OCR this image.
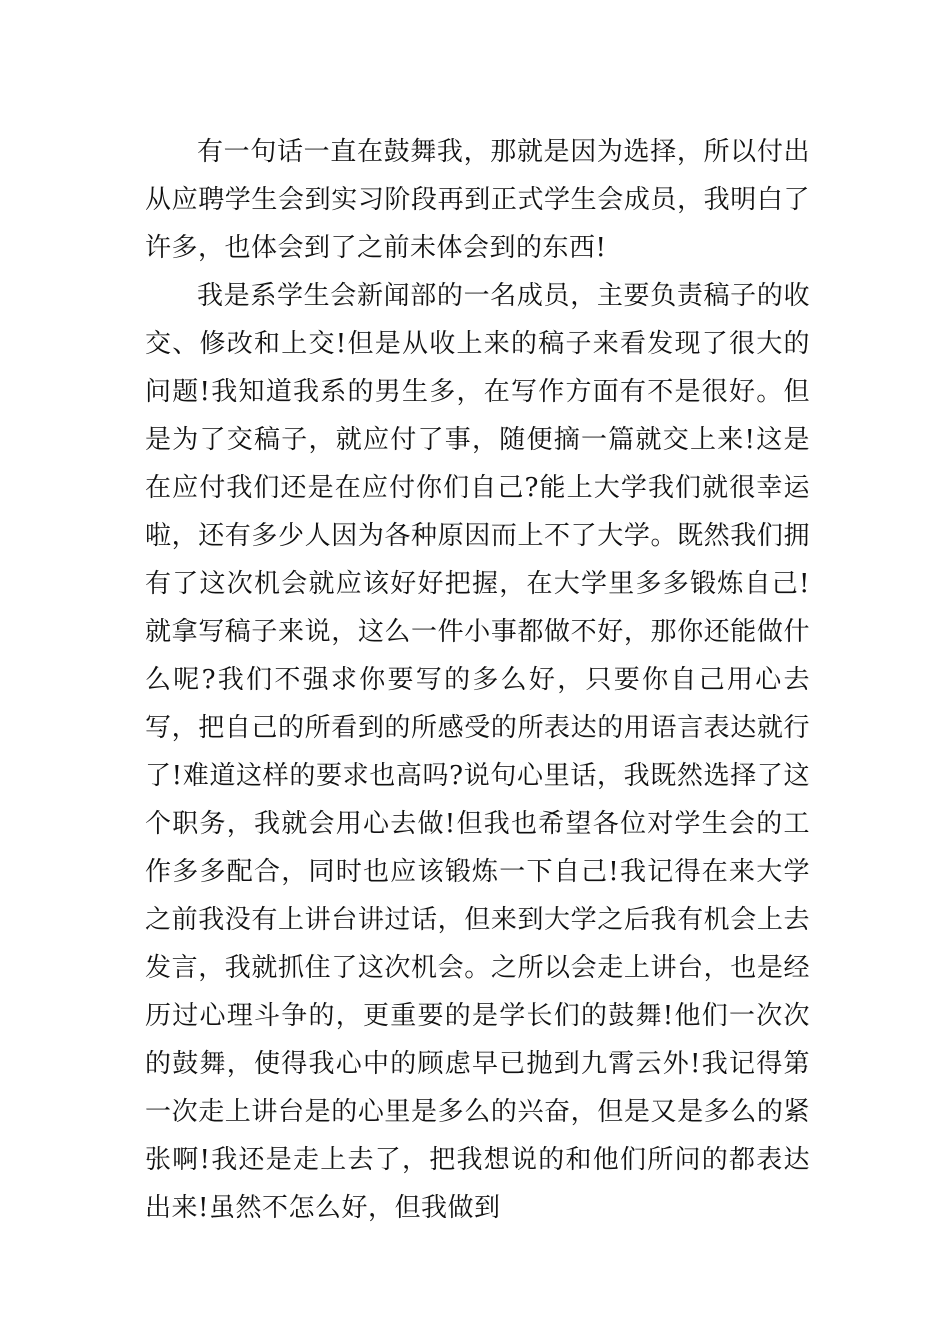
有一句话一直在鼓舞我，那就是因为选择，所以付出从应聘学生会到实习阶段再到正式学生会成员，我明白了许多，也体会到了之前未体会到的东西!

我是系学生会新闻部的一名成员，主要负责稿子的收交、修改和上交!但是从收上来的稿子来看发现了很大的问题!我知道我系的男生多，在写作方面有不是很好。但是为了交稿子，就应付了事，随便摘一篇就交上来!这是在应付我们还是在应付你们自己?能上大学我们就很幸运啦，还有多少人因为各种原因而上不了大学。既然我们拥有了这次机会就应该好好把握，在大学里多多锻炼自己!就拿写稿子来说，这么一件小事都做不好，那你还能做什么呢?我们不强求你要写的多么好，只要你自己用心去写，把自己的所看到的所感受的所表达的用语言表达就行了!难道这样的要求也高吗?说句心里话，我既然选择了这个职务，我就会用心去做!但我也希望各位对学生会的工作多多配合，同时也应该锻炼一下自己!我记得在来大学之前我没有上讲台讲过话，但来到大学之后我有机会上去发言，我就抓住了这次机会。之所以会走上讲台，也是经历过心理斗争的，更重要的是学长们的鼓舞!他们一次次的鼓舞，使得我心中的顾虑早已抛到九霄云外!我记得第一次走上讲台是的心里是多么的兴奋，但是又是多么的紧张啊!我还是走上去了，把我想说的和他们所问的都表达出来!虽然不怎么好，但我做到
